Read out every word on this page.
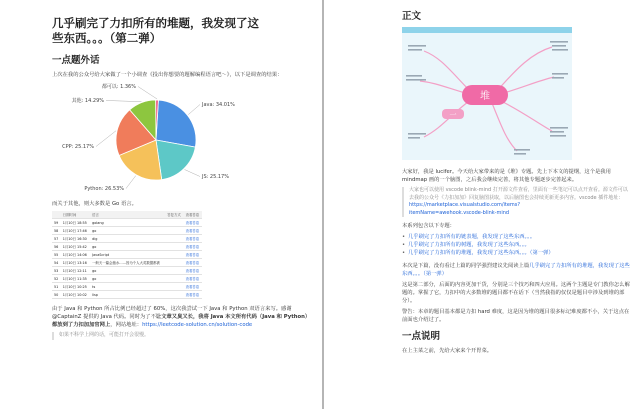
几乎刷完了力扣所有的堆题，我发现了这
些东西。。。（第二弹）
一点题外话

上次在我的公众号给大家做了一个小调查《投出你想要的题解编程语言吧～》，以下是调查的结果：

Java: 34.01%
JS: 25.17%
Python: 26.53%
CPP: 25.17%
其他: 14.29%
都可以: 1.36%

而关于其他，则大多数是 Go 语言。

	日期时间	语言	答复方式	查看答卷
59	1月10日 18:55	golang		查看答卷
58	1月10日 17:46	go		查看答卷
57	1月10日 16:30	dig		查看答卷
56	1月10日 15:42	go		查看答卷
55	1月10日 14:06	JavaScript		查看答卷
54	1月10日 13:16	一般天一篇会缩水……因为个人大英数据都被		查看答卷
53	1月10日 12:11	go		查看答卷
52	1月10日 11:35	go		查看答卷
51	1月10日 10:25	ts		查看答卷
50	1月10日 10:02	lisp		查看答卷

由于 Java 和 Python 所占比例已经超过了 60%，这次我尝试一下 Java 和 Python 双语言来写。感谢 @CaptainZ 提供的 Java 代码。同时为了不让文章又臭又长，我将 Java 本文所有代码（Java 和 Python）都放到了力扣加加官网上，网站地址：https://leetcode-solution.cn/solution-code

如果不科学上网的话，可能打开会很慢。

正文
堆
一

大家好，我是 lucifer。今天给大家带来的是《堆》专题。先上下本文的提纲，这个是我用 mindmap 画的一个脑图，之后我会继续完善，将其他专题逐步完善起来。

大家也可以使用 vscode blink-mind 打开源文件查看，里面有一些笔记可以点开查看。源文件可以去我的公众号《力扣加加》回复脑图获取，以后脑图也会持续更新更多内容。vscode 插件地址：

https://marketplace.visualstudio.com/items?

itemName=awehook.vscode-blink-mind

本系列包含以下专题：

• 几乎刷完了力扣所有的链表题，我发现了这些东西。。。
• 几乎刷完了力扣所有的树题，我发现了这些东西。。。
• 几乎刷完了力扣所有的堆题，我发现了这些东西。。。（第一弹）

本次是下篇，没有看过上篇的同学强烈建议先阅读上篇几乎刷完了力扣所有的堆题，我发现了这些东西。。。（第一弹）

这是第二部分，后面的内容更加干货，分别是三个技巧和四大应用。这两个主题是专门教你怎么解题的。掌握了它，力扣中的大多数堆的题目都不在话下（当然我指的仅仅是题目中涉及到堆的部分）。

警告：本章的题目基本都是力扣 hard 难度，这是因为堆的题目很多标记难度都不小，关于这点在前面也介绍过了。

一点说明

在上主菜之前，先给大家来个开胃菜。
